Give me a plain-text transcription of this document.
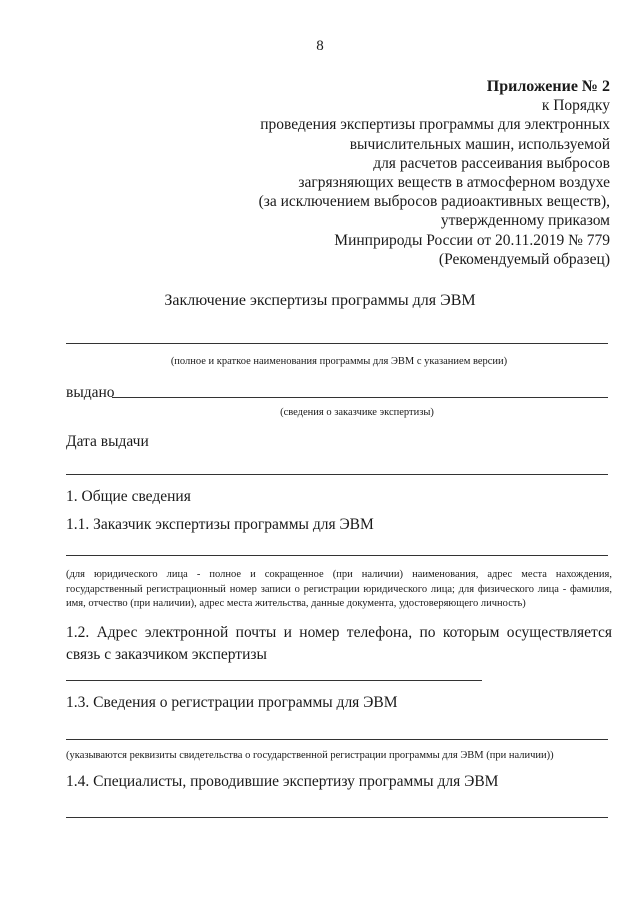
8
Приложение № 2
к Порядку
проведения экспертизы программы для электронных
вычислительных машин, используемой
для расчетов рассеивания выбросов
загрязняющих веществ в атмосферном воздухе
(за исключением выбросов радиоактивных веществ),
утвержденному приказом
Минприроды России от 20.11.2019 № 779
(Рекомендуемый образец)
Заключение экспертизы программы для ЭВМ
(полное и краткое наименования программы для ЭВМ с указанием версии)
выдано
(сведения о заказчике экспертизы)
Дата выдачи
1. Общие сведения
1.1. Заказчик экспертизы программы для ЭВМ
(для юридического лица - полное и сокращенное (при наличии) наименования, адрес места нахождения, государственный регистрационный номер записи о регистрации юридического лица; для физического лица - фамилия, имя, отчество (при наличии), адрес места жительства, данные документа, удостоверяющего личность)
1.2. Адрес электронной почты и номер телефона, по которым осуществляется связь с заказчиком экспертизы
1.3. Сведения о регистрации программы для ЭВМ
(указываются реквизиты свидетельства о государственной регистрации программы для ЭВМ (при наличии))
1.4. Специалисты, проводившие экспертизу программы для ЭВМ
